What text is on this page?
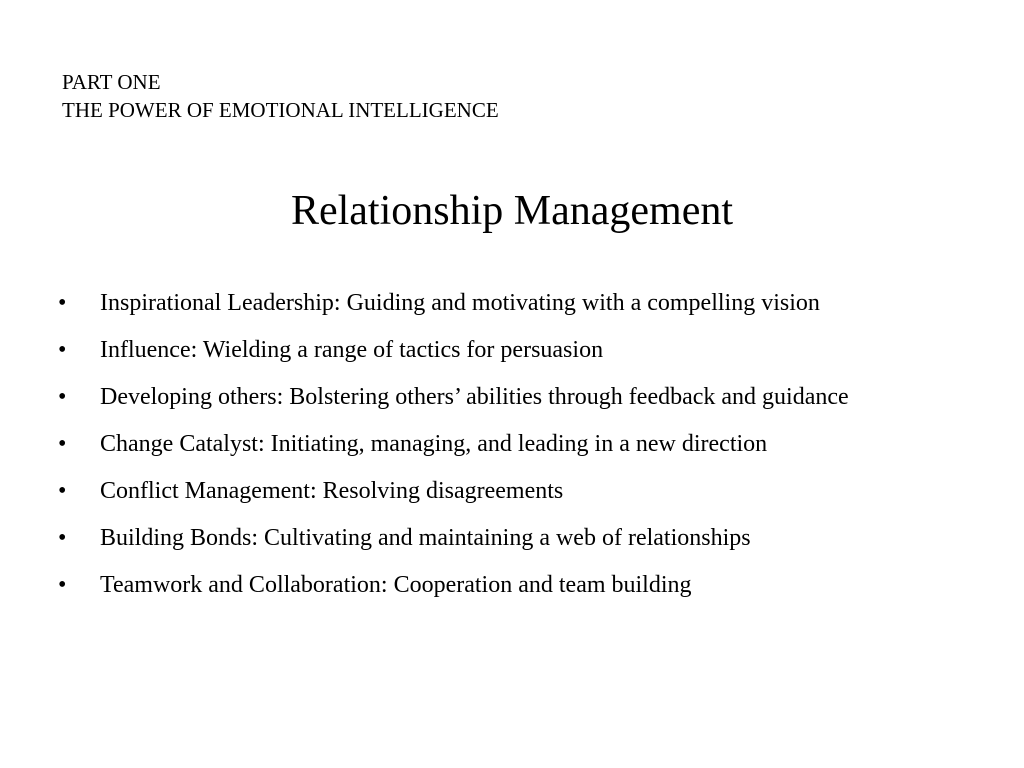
PART ONE
THE POWER OF EMOTIONAL INTELLIGENCE
Relationship Management
•	Inspirational Leadership: Guiding and motivating with a compelling vision
•	Influence: Wielding a range of tactics for persuasion
•	Developing others: Bolstering others’ abilities through feedback and guidance
•	Change Catalyst: Initiating, managing, and leading in a new direction
•	Conflict Management: Resolving disagreements
•	Building Bonds: Cultivating and maintaining a web of relationships
•	Teamwork and Collaboration: Cooperation and team building
